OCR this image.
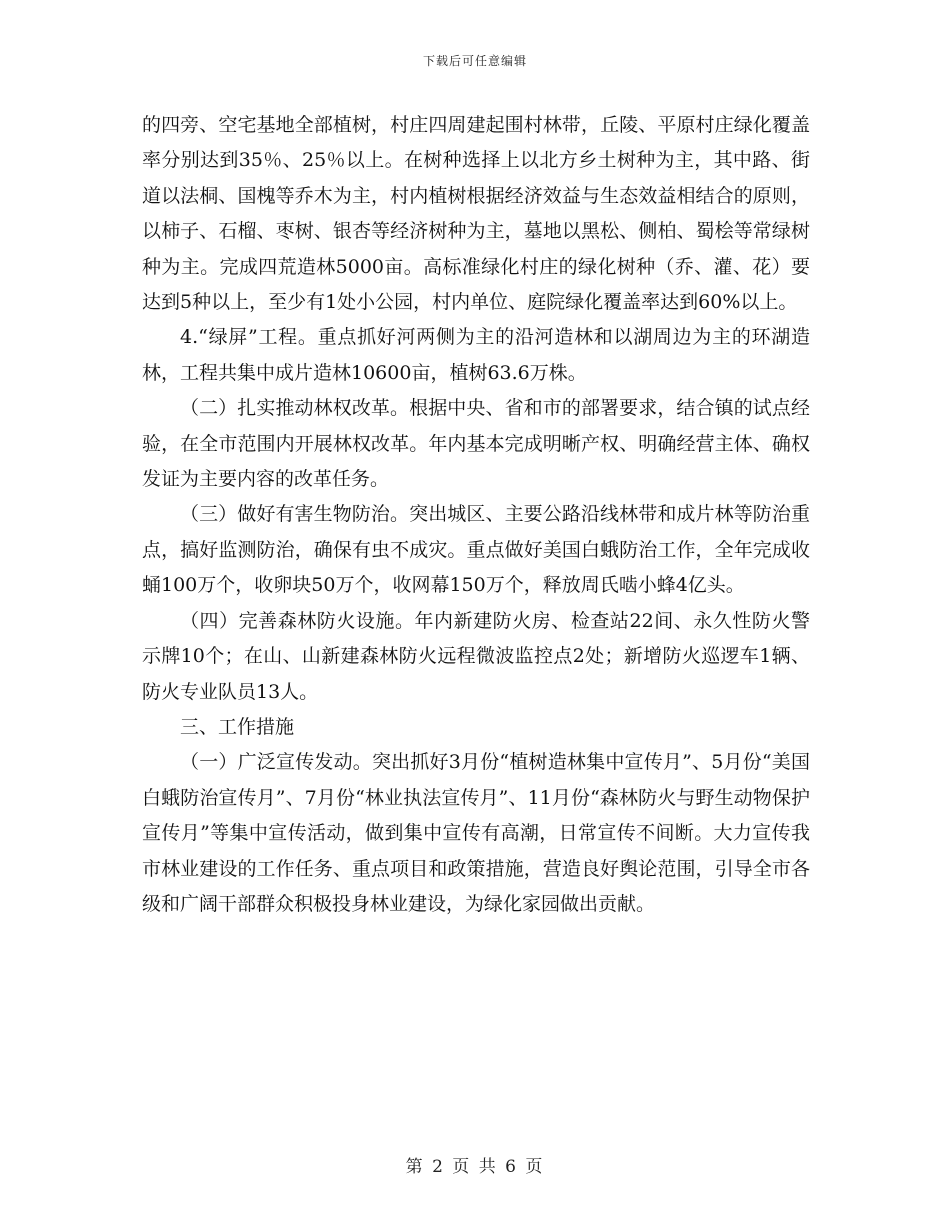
下载后可任意编辑

的四旁、空宅基地全部植树，村庄四周建起围村林带，丘陵、平原村庄绿化覆盖率分别达到35％、25％以上。在树种选择上以北方乡土树种为主，其中路、街道以法桐、国槐等乔木为主，村内植树根据经济效益与生态效益相结合的原则，以柿子、石榴、枣树、银杏等经济树种为主，墓地以黑松、侧柏、蜀桧等常绿树种为主。完成四荒造林5000亩。高标准绿化村庄的绿化树种（乔、灌、花）要达到5种以上，至少有1处小公园，村内单位、庭院绿化覆盖率达到60%以上。

4.“绿屏”工程。重点抓好河两侧为主的沿河造林和以湖周边为主的环湖造林，工程共集中成片造林10600亩，植树63.6万株。

（二）扎实推动林权改革。根据中央、省和市的部署要求，结合镇的试点经验，在全市范围内开展林权改革。年内基本完成明晰产权、明确经营主体、确权发证为主要内容的改革任务。

（三）做好有害生物防治。突出城区、主要公路沿线林带和成片林等防治重点，搞好监测防治，确保有虫不成灾。重点做好美国白蛾防治工作，全年完成收蛹100万个，收卵块50万个，收网幕150万个，释放周氏啮小蜂4亿头。

（四）完善森林防火设施。年内新建防火房、检查站22间、永久性防火警示牌10个；在山、山新建森林防火远程微波监控点2处；新增防火巡逻车1辆、防火专业队员13人。

三、工作措施

（一）广泛宣传发动。突出抓好3月份“植树造林集中宣传月”、5月份“美国白蛾防治宣传月”、7月份“林业执法宣传月”、11月份“森林防火与野生动物保护宣传月”等集中宣传活动，做到集中宣传有高潮，日常宣传不间断。大力宣传我市林业建设的工作任务、重点项目和政策措施，营造良好舆论范围，引导全市各级和广阔干部群众积极投身林业建设，为绿化家园做出贡献。

第 2 页 共 6 页
